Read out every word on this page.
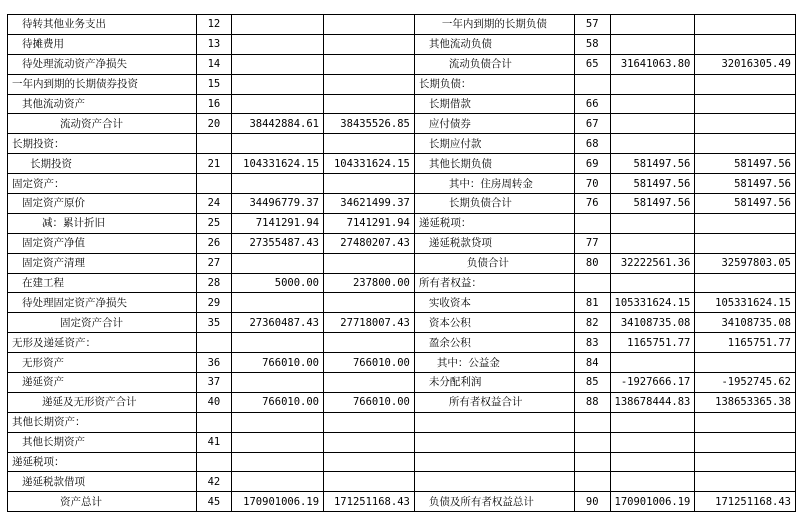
待转其他业务支出	12			一年内到期的长期负债	57		
待摊费用	13			其他流动负债	58		
待处理流动资产净损失	14			流动负债合计	65	31641063.80	32016305.49
一年内到期的长期债券投资	15			长期负债：			
其他流动资产	16			长期借款	66		
流动资产合计	20	38442884.61	38435526.85	应付债券	67		
长期投资：				长期应付款	68		
长期投资	21	104331624.15	104331624.15	其他长期负债	69	581497.56	581497.56
固定资产：				其中：住房周转金	70	581497.56	581497.56
固定资产原价	24	34496779.37	34621499.37	长期负债合计	76	581497.56	581497.56
减：累计折旧	25	7141291.94	7141291.94	递延税项：			
固定资产净值	26	27355487.43	27480207.43	递延税款贷项	77		
固定资产清理	27			负债合计	80	32222561.36	32597803.05
在建工程	28	5000.00	237800.00	所有者权益：			
待处理固定资产净损失	29			实收资本	81	105331624.15	105331624.15
固定资产合计	35	27360487.43	27718007.43	资本公积	82	34108735.08	34108735.08
无形及递延资产：				盈余公积	83	1165751.77	1165751.77
无形资产	36	766010.00	766010.00	其中：公益金	84		
递延资产	37			未分配利润	85	-1927666.17	-1952745.62
递延及无形资产合计	40	766010.00	766010.00	所有者权益合计	88	138678444.83	138653365.38
其他长期资产：							
其他长期资产	41						
递延税项：							
递延税款借项	42						
资产总计	45	170901006.19	171251168.43	负债及所有者权益总计	90	170901006.19	171251168.43
